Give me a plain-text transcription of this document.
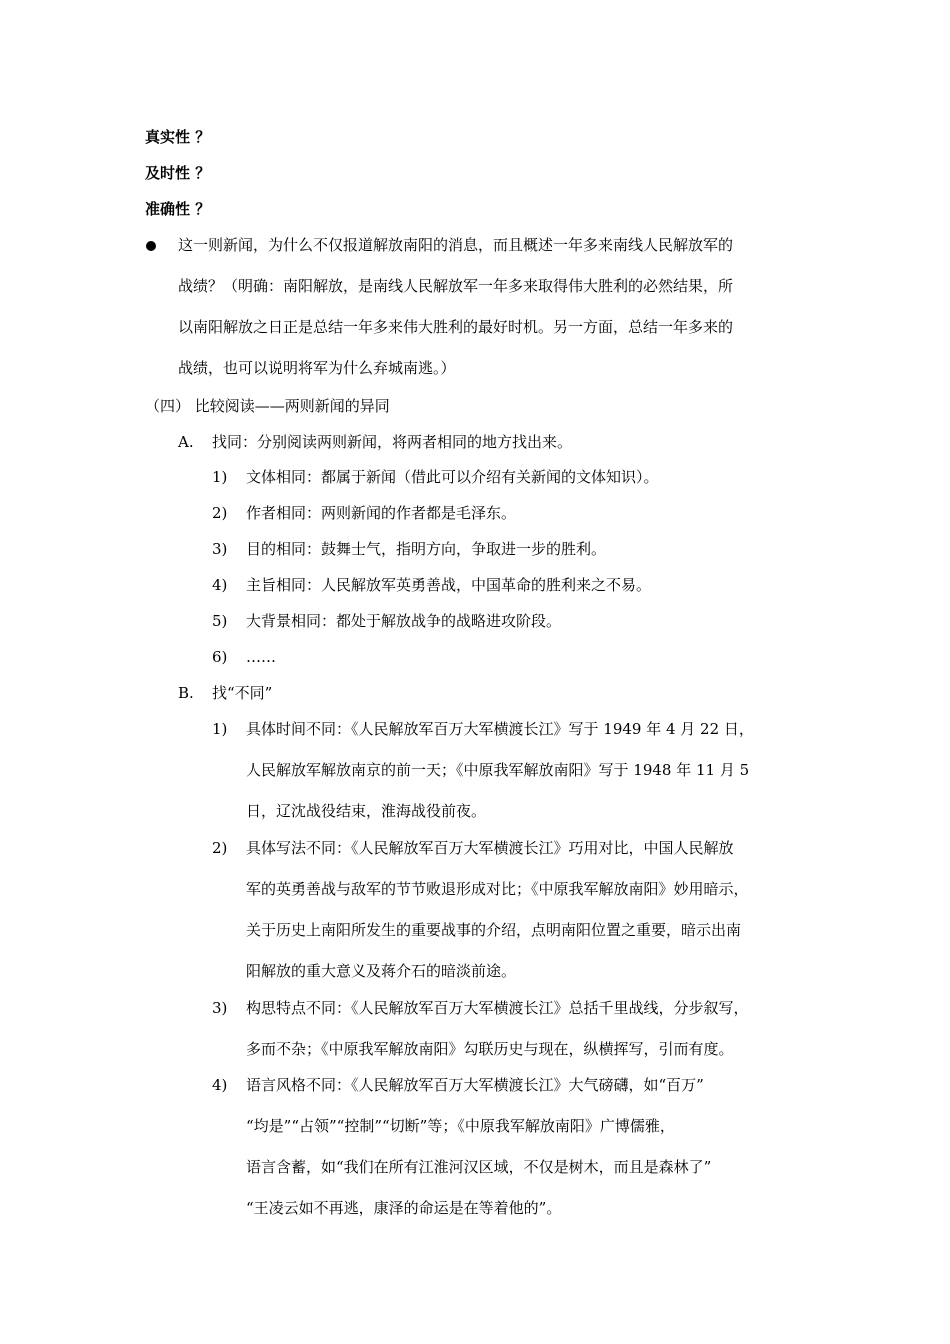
真实性 ？
及时性 ？
准确性 ？
这一则新闻，为什么不仅报道解放南阳的消息，而且概述一年多来南线人民解放军的
战绩？（明确：南阳解放，是南线人民解放军一年多来取得伟大胜利的必然结果，所
以南阳解放之日正是总结一年多来伟大胜利的最好时机。另一方面，总结一年多来的
战绩，也可以说明将军为什么弃城南逃。）
（四） 比较阅读——两则新闻的异同
A. 找同：分别阅读两则新闻，将两者相同的地方找出来。
1) 文体相同：都属于新闻（借此可以介绍有关新闻的文体知识）。
2) 作者相同：两则新闻的作者都是毛泽东。
3) 目的相同：鼓舞士气，指明方向，争取进一步的胜利。
4) 主旨相同：人民解放军英勇善战，中国革命的胜利来之不易。
5) 大背景相同：都处于解放战争的战略进攻阶段。
6) ……
B. 找“不同”
1) 具体时间不同：《人民解放军百万大军横渡长江》写于 1949 年 4 月 22 日，
人民解放军解放南京的前一天；《中原我军解放南阳》写于 1948 年 11 月 5
日，辽沈战役结束，淮海战役前夜。
2) 具体写法不同：《人民解放军百万大军横渡长江》巧用对比，中国人民解放
军的英勇善战与敌军的节节败退形成对比；《中原我军解放南阳》妙用暗示，
关于历史上南阳所发生的重要战事的介绍，点明南阳位置之重要，暗示出南
阳解放的重大意义及蒋介石的暗淡前途。
3) 构思特点不同：《人民解放军百万大军横渡长江》总括千里战线，分步叙写，
多而不杂；《中原我军解放南阳》勾联历史与现在，纵横挥写，引而有度。
4) 语言风格不同：《人民解放军百万大军横渡长江》大气磅礴，如“百万”
“均是”“占领”“控制”“切断”等；《中原我军解放南阳》广博儒雅，
语言含蓄，如“我们在所有江淮河汉区域，不仅是树木，而且是森林了”
“王凌云如不再逃，康泽的命运是在等着他的”。
